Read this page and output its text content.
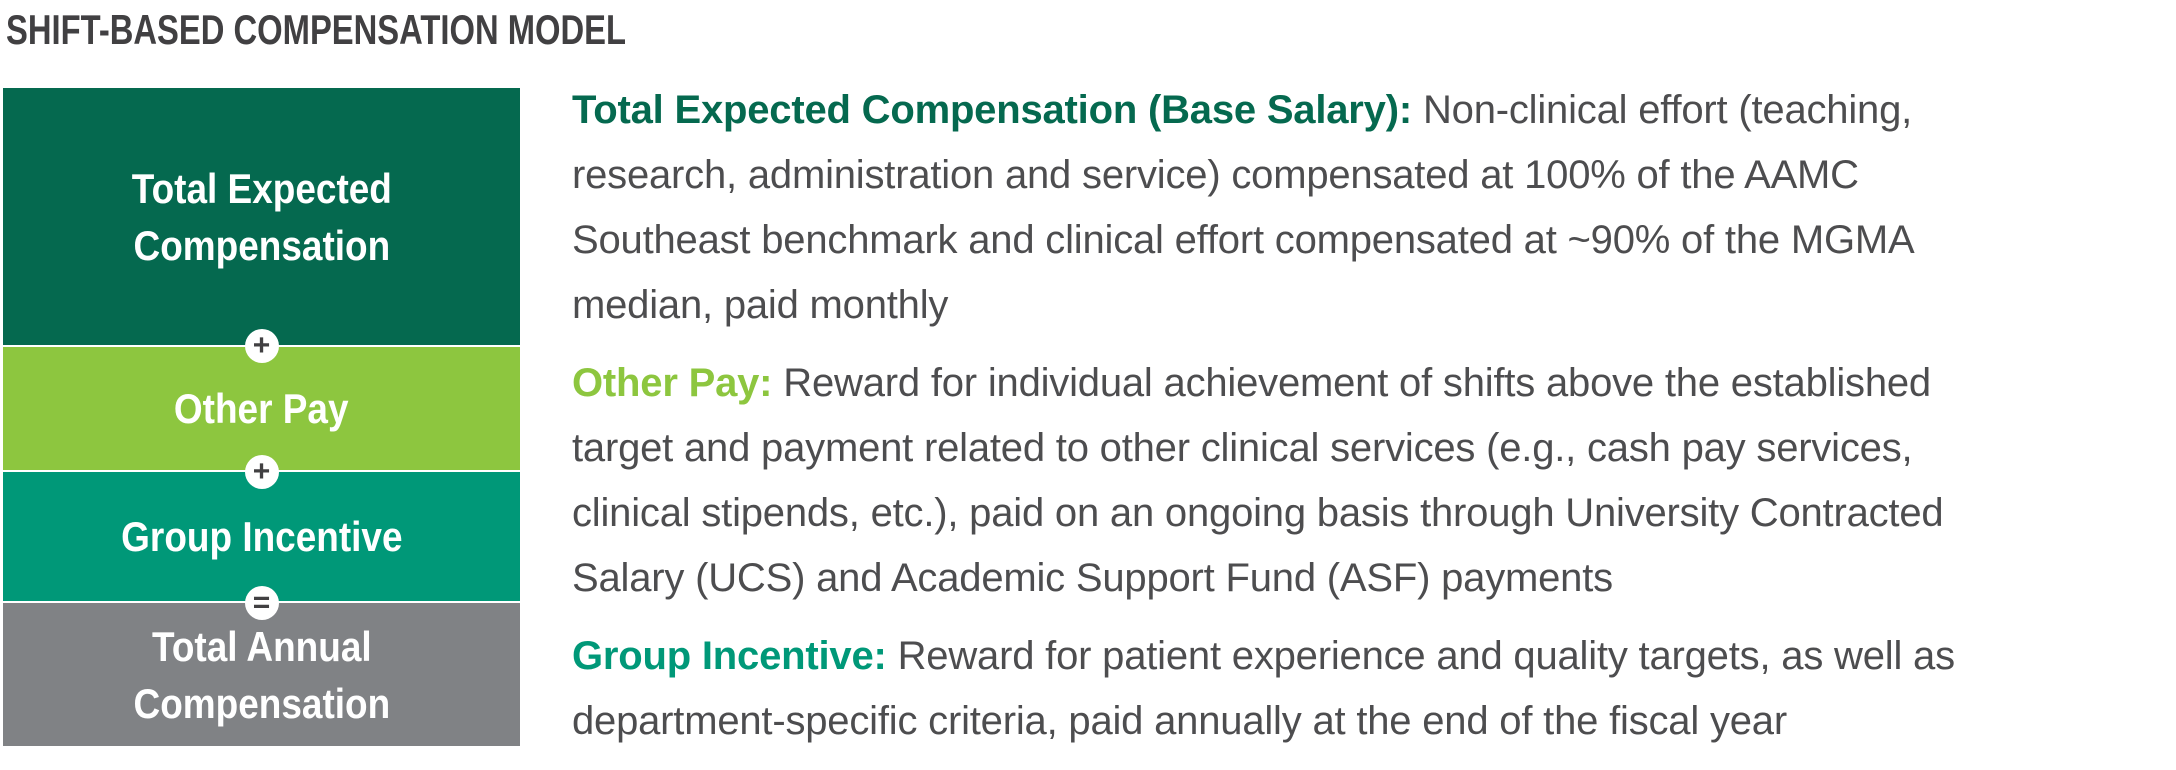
SHIFT-BASED COMPENSATION MODEL
Total Expected
Compensation
Other Pay
Group Incentive
Total Annual
Compensation
+
+
=
Total Expected Compensation (Base Salary): Non-clinical effort (teaching,
research, administration and service) compensated at 100% of the AAMC
Southeast benchmark and clinical effort compensated at ~90% of the MGMA
median, paid monthly
Other Pay: Reward for individual achievement of shifts above the established
target and payment related to other clinical services (e.g., cash pay services,
clinical stipends, etc.), paid on an ongoing basis through University Contracted
Salary (UCS) and Academic Support Fund (ASF) payments
Group Incentive: Reward for patient experience and quality targets, as well as
department-specific criteria, paid annually at the end of the fiscal year
